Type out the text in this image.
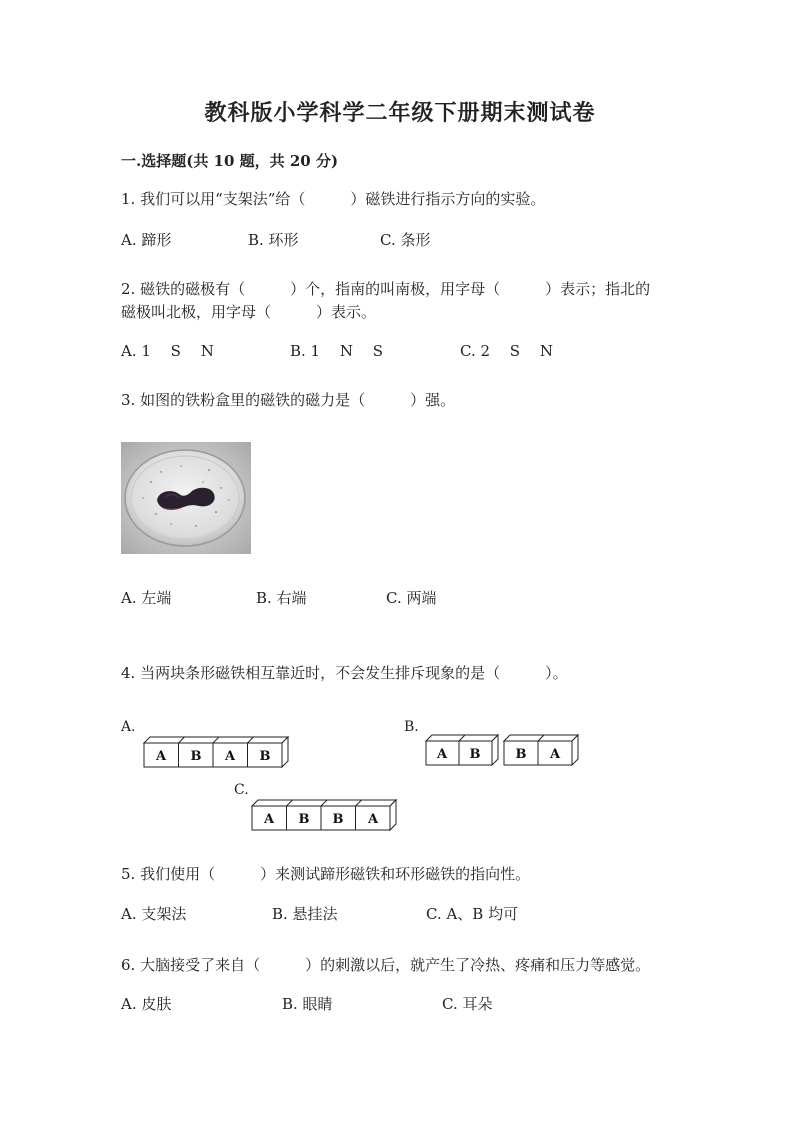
教科版小学科学二年级下册期末测试卷
一.选择题(共 10 题，共 20 分)
1. 我们可以用“支架法”给（　　　）磁铁进行指示方向的实验。
A. 蹄形	B. 环形	C. 条形
2. 磁铁的磁极有（　　　）个，指南的叫南极，用字母（　　　）表示；指北的
磁极叫北极，用字母（　　　）表示。
A. 1　 S　 N	B. 1　 N　 S	C. 2　 S　 N
3. 如图的铁粉盒里的磁铁的磁力是（　　　）强。
A. 左端	B. 右端	C. 两端
4. 当两块条形磁铁相互靠近时，不会发生排斥现象的是（　　　）。
A.
A B A B
B.
A B	B A
C.
A B B A
5. 我们使用（　　　）来测试蹄形磁铁和环形磁铁的指向性。
A. 支架法	B. 悬挂法	C. A、B 均可
6. 大脑接受了来自（　　　）的刺激以后，就产生了冷热、疼痛和压力等感觉。
A. 皮肤	B. 眼睛	C. 耳朵
